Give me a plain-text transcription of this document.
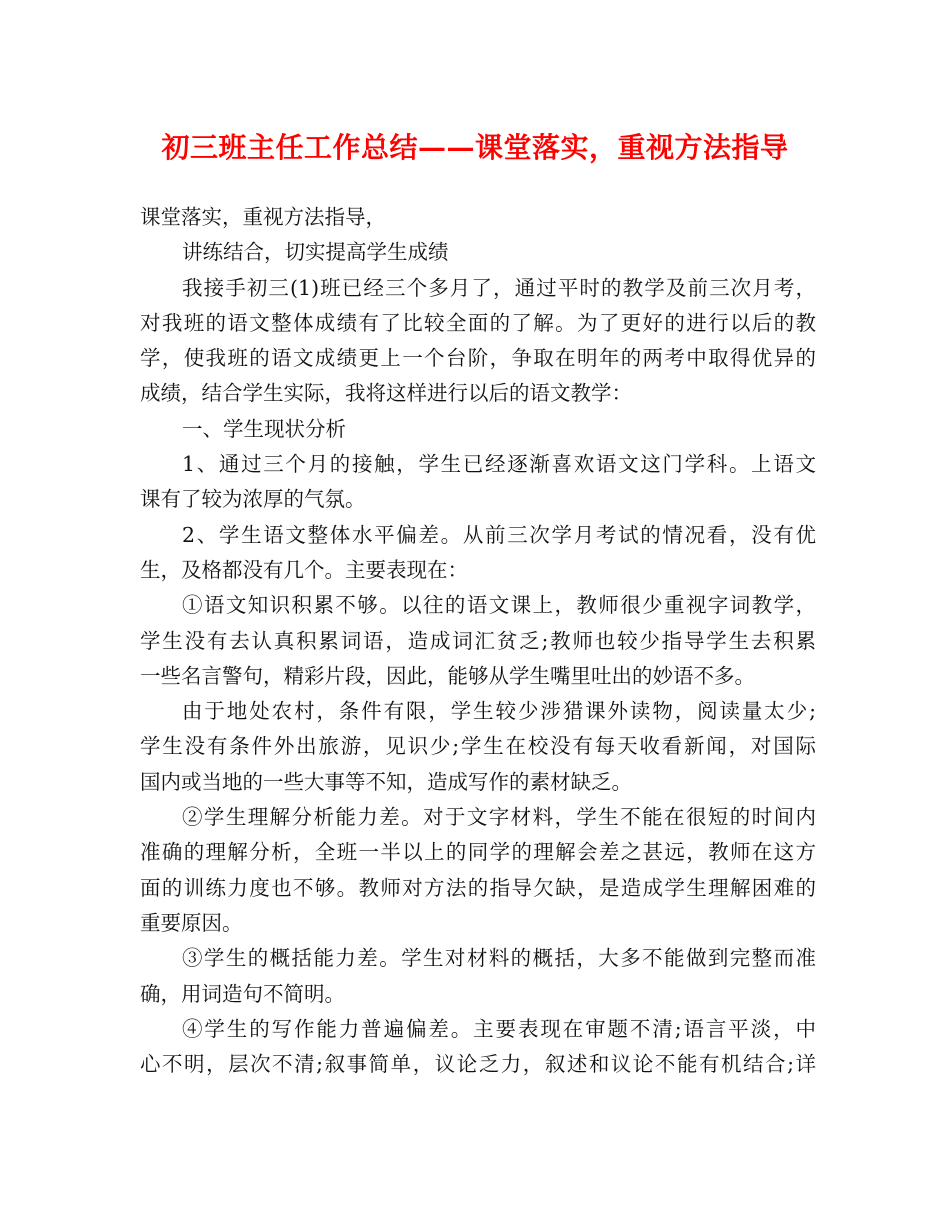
初三班主任工作总结——课堂落实，重视方法指导
课堂落实，重视方法指导，
讲练结合，切实提高学生成绩
我接手初三(1)班已经三个多月了，通过平时的教学及前三次月考，
对我班的语文整体成绩有了比较全面的了解。为了更好的进行以后的教
学，使我班的语文成绩更上一个台阶，争取在明年的两考中取得优异的
成绩，结合学生实际，我将这样进行以后的语文教学：
一、学生现状分析
1、通过三个月的接触，学生已经逐渐喜欢语文这门学科。上语文
课有了较为浓厚的气氛。
2、学生语文整体水平偏差。从前三次学月考试的情况看，没有优
生，及格都没有几个。主要表现在：
①语文知识积累不够。以往的语文课上，教师很少重视字词教学，
学生没有去认真积累词语，造成词汇贫乏;教师也较少指导学生去积累
一些名言警句，精彩片段，因此，能够从学生嘴里吐出的妙语不多。
由于地处农村，条件有限，学生较少涉猎课外读物，阅读量太少;
学生没有条件外出旅游，见识少;学生在校没有每天收看新闻，对国际
国内或当地的一些大事等不知，造成写作的素材缺乏。
②学生理解分析能力差。对于文字材料，学生不能在很短的时间内
准确的理解分析，全班一半以上的同学的理解会差之甚远，教师在这方
面的训练力度也不够。教师对方法的指导欠缺，是造成学生理解困难的
重要原因。
③学生的概括能力差。学生对材料的概括，大多不能做到完整而准
确，用词造句不简明。
④学生的写作能力普遍偏差。主要表现在审题不清;语言平淡，中
心不明，层次不清;叙事简单，议论乏力，叙述和议论不能有机结合;详
